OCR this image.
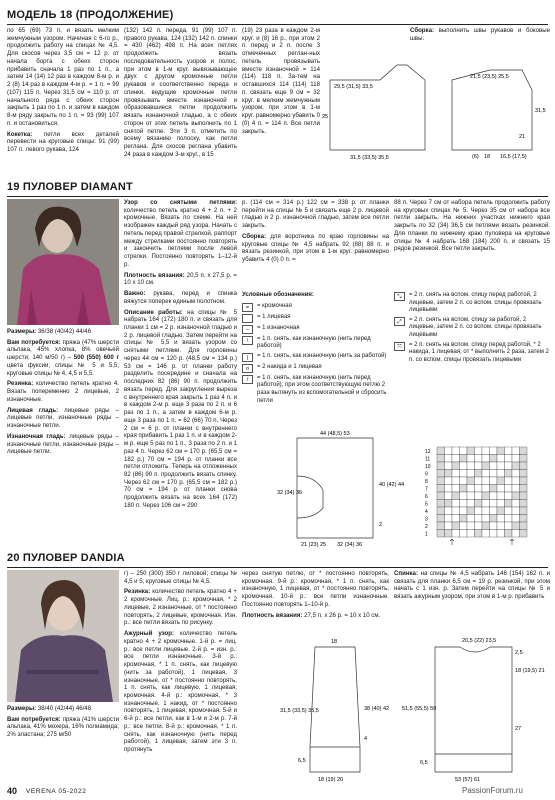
МОДЕЛЬ 18 (ПРОДОЛЖЕНИЕ)

по 65 (69) 73 п. и вязать мелким жемчужным узором. Начиная с 6-го р., продолжить работу на спицах № 4,5. Для скосов через 3,5 см = 12 р. от начала борта с обеих сторон прибавить сначала 1 раз по 1 п., а затем 14 (14) 12 раз в каждом 8-м р. и 2 (8) 14 раз в каждом 4-м р. = 1 п. = 99 (107) 115 п. Через 31,5 см = 110 р. от начального ряда с обеих сторон закрыть 1 раз по 1 п. и затем в каждом 8-м ряду закрыть по 1 п. = 93 (99) 107 п. и остановиться.

Кокетка: петли всех деталей перевести на круговые спицы: 91 (99) 107 п. левого рукава, 124

(132) 142 п. переда, 91 (99) 107 п. правого рукава, 124 (132) 142 п. спинки = 430 (462) 498 п. На всех петлях продолжить вязать последовательность узоров и полос, при этом в 1-м круг. вывязывающее двух с другом кромочные петли рукавов и соответственно переда и спинки, ведущие кромочные петли провязывать вместе изнаночной и образовавшиеся петли продолжить вязать изнаночной гладью, а с обеих сторон от этих петель выполнить по 1 снятой петле. Эти 3 п. отметить по всему вязанию полоску, как петли реглана. Для скосов реглана убавить 24 раза в каждом 3-м круг., в 15

(19) 23 раза в каждом 2-м круг. и (8) 16 р., при этом 2 п. перед и 2 п. после 3 отмеченных реглан-ных петель провязывать вместе изнаночной = 114 (114) 118 п. За-тем на оставшихся 114 (114) 118 п. связать еще 9 см = 32 круг. в мелким жемчужным узором, при этом в 1-м круг. равномерно убавить 0 (0) 4 п. = 114 п. Все петли закрыть.

Сборка: выполнить швы рукавов и боковые швы.

25
29,5 (31,5) 33,5
31,5 (33,5) 35,5
21,5 (23,5) 25,5
31,5
21
(6) 18 16,5 (17,5)
19 ПУЛОВЕР DIAMANT

Размеры: 36/38 (40/42) 44/46

Вам потребуется: пряжа (47% шерсти альпака, 45% хлопка, 8% овечьей шерсти; 140 м/50 г) – 500 (550) 600 г цвета фуксии; спицы № 5 и 5,5; круговые спицы № 4, 4,5 и 5,5.

Резинка: количество петель кратно 4. Вязать попеременно 2 лицевые, 2 изнаночные.

Лицевая гладь: лицевые ряды – лицевые петли, изнаночные ряды – изнаночные петли.

Изнаночная гладь: лицевые ряды – изнаночные петли, изнаночные ряды – лицевые петли.

Узор со снятыми петлями: количество петель кратно 4 + 2 п. + 2 кромочные. Вязать по схеме. На ней изображен каждый ряд узора. Начать с петель перед правой стрелкой, раппорт между стрелками постоянно повторять и закончить петлями после левой стрелки. Постоянно повторять 1–12-й р.

Плотность вязания: 20,5 п. х 27,5 р. = 10 х 10 см.

Важно: рукава, перед и спинка вяжутся поперек единым полотном.

Описание работы: на спицы № 5 набрать 164 (172) 180 п. и связать для планки 1 см = 2 р. изнаночной гладью и 2 р. лицевой гладью. Затем перейти на спицы № 5,5 и вязать узором со снятыми петлями. Для горловины через 44 см = 120 р. (48,5 см = 134 р.) 53 см = 146 р. от планки работу разделить посередине и сначала на последних 82 (86) 90 п. продолжить вязать перед. Для закругления выреза с внутреннего края закрыть 1 раз 4 п. и в каждом 2-м р. еще 3 раза по 2 п. и 6 раз по 1 п., а затем в каждом 6-м р. еще 3 раза по 1 п. = 62 (66) 70 п. Через 2 см = 6 р. от планки с внутреннего края прибавить 1 раз 1 п. и в каждом 2-м р. еще 5 раз по 1 п., 3 раза по 2 п. и 1 раз 4 п. Через 62 см = 170 р. (65,5 см = 182 р.) 70 см = 194 р. от планки все петли отложить. Теперь на отложенных 82 (86) 90 п. продолжить вязать спинку. Через 62 см = 170 р. (65,5 см = 182 р.) 70 см = 194 р. от планки снова продолжить вязать на всех 164 (172) 180 п. Через 106 см = 290

р. (114 см = 314 р.) 122 см = 338 р. от планки перейти на спицы № 5 и связать еще 2 р. лицевой гладью и 2 р. изнаночной гладью, затем все петли закрыть.

Сборка: для воротника по краю горловины на круговые спицы № 4,5 набрать 92 (88) 88 п. и вязать резинкой, при этом в 1-м круг. равномерно убавить 4 (0) 0 п. =

88 п. Через 7 см от набора петель продолжить работу на круговых спицах № 5. Через 35 см от набора все петли закрыть. На нижних участках нижнего края закрыть по 32 (34) 36,5 см петлями вязать резинкой. Для планки по нижнему краю пуловера на круговые спицы № 4 набрать 168 (184) 200 п. и связать 15 рядов резинкой. Все петли закрыть.

Условные обозначения:
=	= кромочная
= 1 лицевая
–	= 1 изнаночная
\	= 1 п. снять, как изнаночную (нить перед работой)
|	= 1 п. снять, как изнаночную (нить за работой)
o	= 2 накида и 1 лицевая
/	= 1 п. снять, как изнаночную (нить перед работой), при этом соответствующую петлю 2 раза вытянуть из вспомогательной и сбросить петли
⤡	= 2 п. снять на вспом. спицу перед работой, 2 лицевые, затем 2 п. со вспом. спицы провязать лицевыми
⤢	= 2 п. снять на вспом. спицу за работой, 2 лицевые, затем 2 п. со вспом. спицы провязать лицевыми
⤧	= 2 п. снять на вспом. спицу перед работой, * 2 накида, 1 лицевая, от * выполнить 2 раза, затем 2 п. со вспом. спицы провязать лицевыми
44 (48,5) 53
32 (34) 36
40 (42) 44
2
21 (23) 25 32 (34) 36
12
11
10
9
8
7
6
5
4
3
2
1
20 ПУЛОВЕР DANDIA

Размеры: 38/40 (42/44) 46/48

Вам потребуется: пряжа (41% шерсти альпака, 41% мохера, 16% полиамида; 2% эластана; 275 м/50

г) – 250 (300) 350 г лиловой; спицы № 4,5 и 5; круговые спицы № 4,5.

Резинка: количество петель кратно 4 + 2 кромочные. Лиц. р.: кромочная, * 2 лицевые, 2 изнаночные, от * постоянно повторять, 2 лицевые, кромочная. Изн. р.: все петли вязать по рисунку.

Ажурный узор: количество петель кратно 4 + 2 кромочные. 1-й р. = лиц. р.: все петли лицевые. 2-й р. = изн. р.: все петли изнаночные. 3-й р.: кромочная, * 1 п. снять, как лицевую (нить за работой), 1 лицевая, 3 изнаночные, от * постоянно повторять, 1 п. снять, как лицевую, 1 лицевая, кромочная. 4-й р.: кромочная, * 3 изнаночные, 1 накид, от * постоянно повторять, 1 лицевая, кромочная. 5-й и 6-й р.: все петли, как в 1-м и 2-м р. 7-й р.: все петли. 8-й р.: кромочная, * 1 п. снять, как изнаночную (нить перед работой), 1 лицевая, затем эти 3 п. протянуть

через снятую петлю, от * постоянно повторять, кромочная. 9-й р.: кромочная, * 1 п. снять, как изнаночную, 1 лицевая, от * постоянно повторять, кромочная. 10-й р.: все петли изнаночные. Постоянно повторять 1–10-й р.

Плотность вязания: 27,5 п. х 26 р. = 10 х 10 см.

Спинка: на спицы № 4,5 набрать 146 (154) 162 п. и связать для планки 6,5 см = 19 р. резинкой, при этом начать с 1 изн. р. Затем перейти на спицы № 5 и вязать ажурным узором, при этом в 1-м р. прибавить

18
31,5 (33,5) 35,5	38 (40) 42
4
6,5
18 (19) 20
20,5 (22) 23,5
51,5 (55,5) 59
27
18 (19,5) 21
2,5
6,5
53 (57) 61
40 VERENA 05-2022	PassionForum.ru
